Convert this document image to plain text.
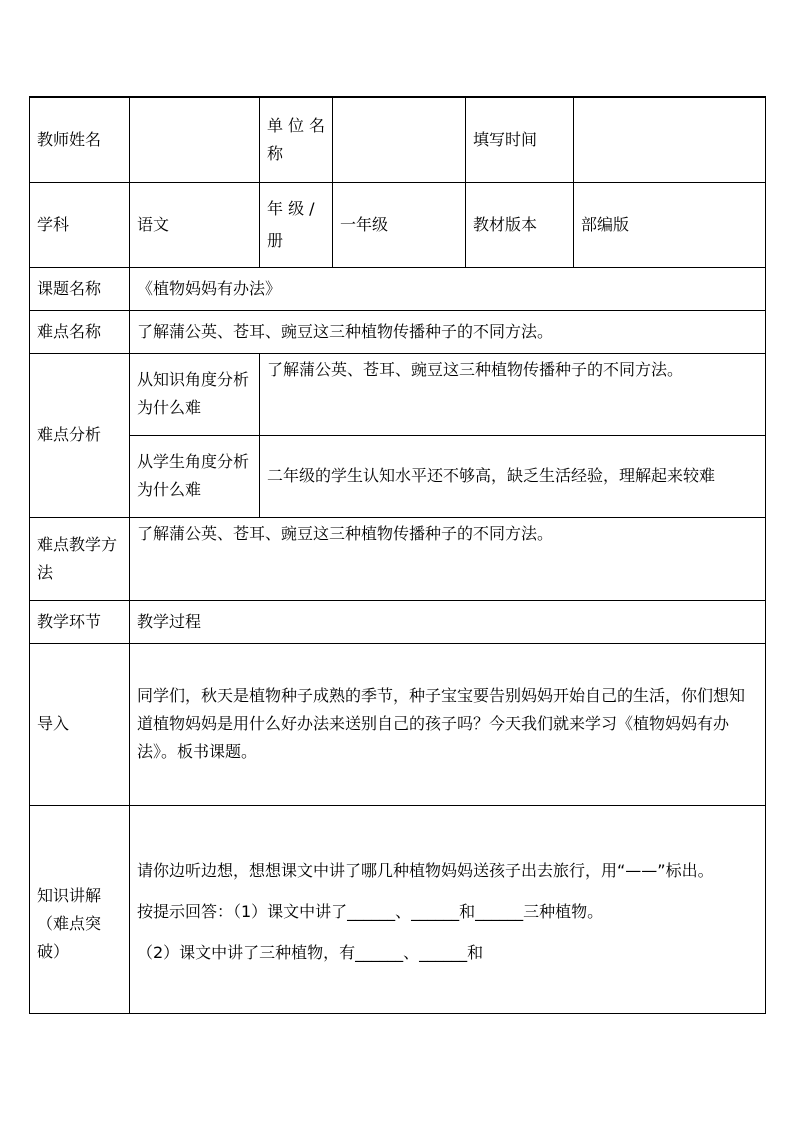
教师姓名		单位名称		填写时间	
学科	语文	年 级 / 册	一年级	教材版本	部编版
课题名称	《植物妈妈有办法》				
难点名称	了解蒲公英、苍耳、豌豆这三种植物传播种子的不同方法。				
难点分析	从知识角度分析为什么难	了解蒲公英、苍耳、豌豆这三种植物传播种子的不同方法。			
	从学生角度分析为什么难	二年级的学生认知水平还不够高，缺乏生活经验，理解起来较难			
难点教学方法	了解蒲公英、苍耳、豌豆这三种植物传播种子的不同方法。				
教学环节	教学过程				
导入	同学们，秋天是植物种子成熟的季节，种子宝宝要告别妈妈开始自己的生活，你们想知道植物妈妈是用什么好办法来送别自己的孩子吗？今天我们就来学习《植物妈妈有办法》。板书课题。				
知识讲解（难点突破）	请你边听边想，想想课文中讲了哪几种植物妈妈送孩子出去旅行，用“——”标出。

按提示回答：（1）课文中讲了______、______和______三种植物。

（2）课文中讲了三种植物，有______、______和				
